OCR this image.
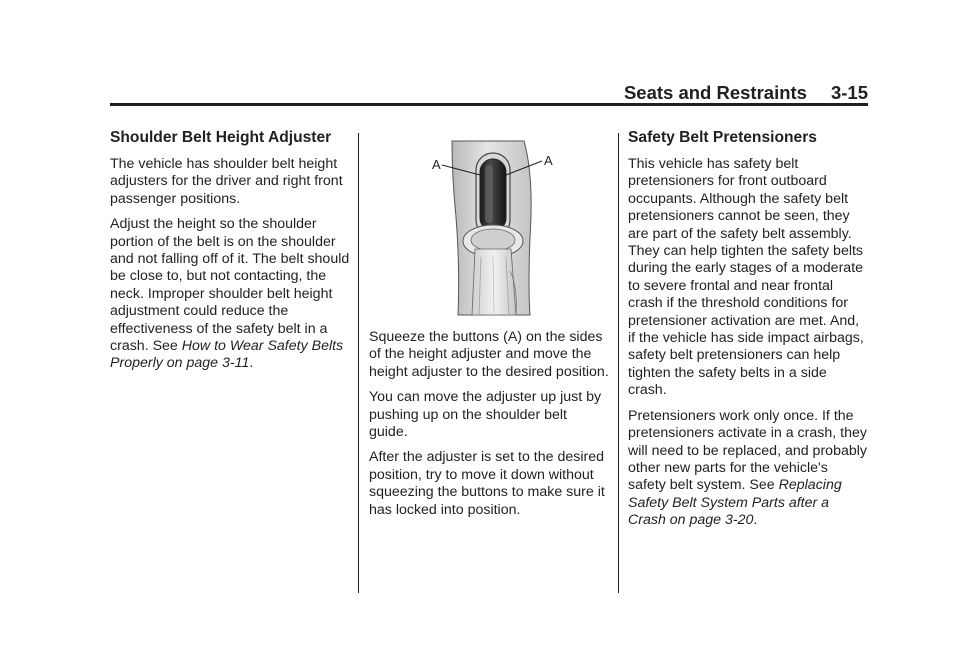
Seats and Restraints 3-15
Shoulder Belt Height Adjuster

The vehicle has shoulder belt height adjusters for the driver and right front passenger positions.

Adjust the height so the shoulder portion of the belt is on the shoulder and not falling off of it. The belt should be close to, but not contacting, the neck. Improper shoulder belt height adjustment could reduce the effectiveness of the safety belt in a crash. See How to Wear Safety Belts Properly on page 3-11.

A	A

Squeeze the buttons (A) on the sides of the height adjuster and move the height adjuster to the desired position.

You can move the adjuster up just by pushing up on the shoulder belt guide.

After the adjuster is set to the desired position, try to move it down without squeezing the buttons to make sure it has locked into position.

Safety Belt Pretensioners

This vehicle has safety belt pretensioners for front outboard occupants. Although the safety belt pretensioners cannot be seen, they are part of the safety belt assembly. They can help tighten the safety belts during the early stages of a moderate to severe frontal and near frontal crash if the threshold conditions for pretensioner activation are met. And, if the vehicle has side impact airbags, safety belt pretensioners can help tighten the safety belts in a side crash.

Pretensioners work only once. If the pretensioners activate in a crash, they will need to be replaced, and probably other new parts for the vehicle's safety belt system. See Replacing Safety Belt System Parts after a Crash on page 3-20.
